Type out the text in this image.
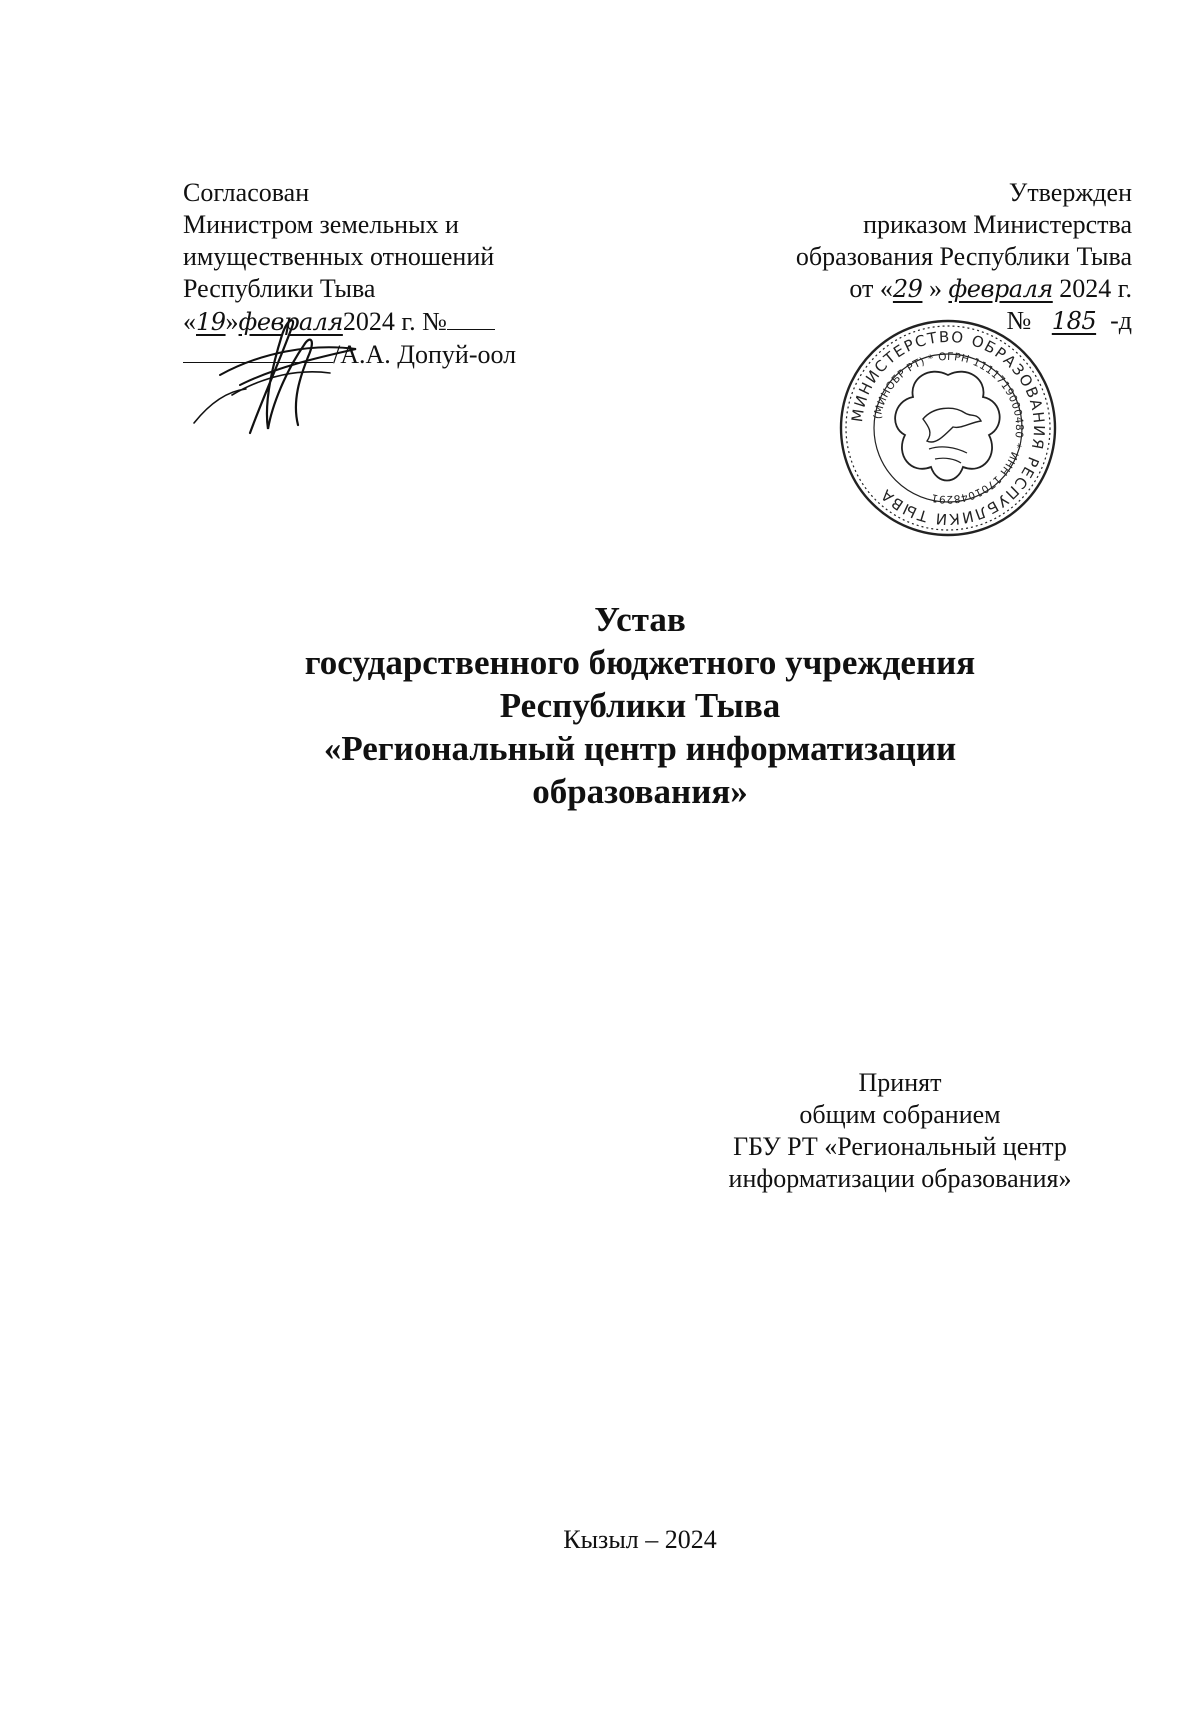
Согласован
Министром земельных и
имущественных отношений
Республики Тыва
«19»февраля2024 г. №
/А.А. Допуй-оол
Утвержден
приказом Министерства
образования Республики Тыва
от «29 » февраля 2024 г.
№ 185 -д
МИНИСТЕРСТВО ОБРАЗОВАНИЯ РЕСПУБЛИКИ ТЫВА
(МИНОБР РТ) * ОГРН 1111719000480 * ИНН 1701048291
Устав
государственного бюджетного учреждения
Республики Тыва
«Региональный центр информатизации
образования»
Принят
общим собранием
ГБУ РТ «Региональный центр
информатизации образования»
Кызыл – 2024
